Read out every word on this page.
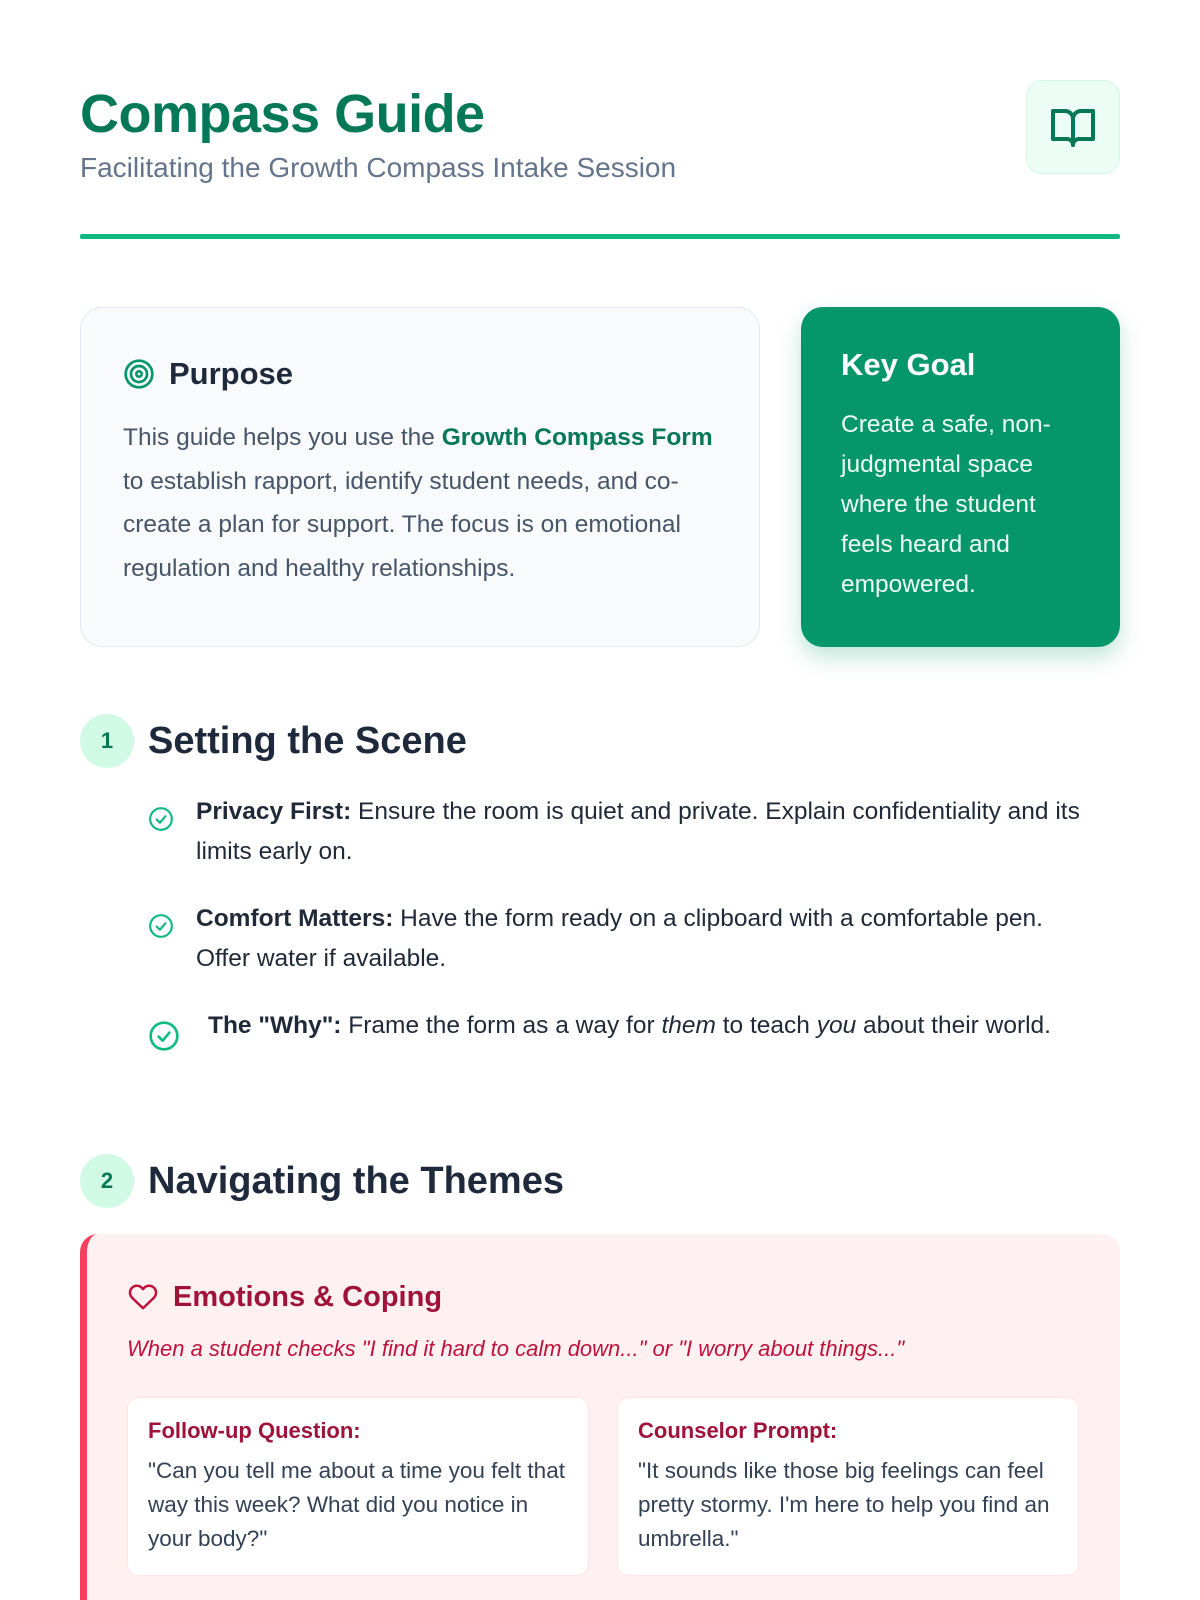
Compass Guide

Facilitating the Growth Compass Intake Session

Purpose

This guide helps you use the Growth Compass Form to establish rapport, identify student needs, and co-create a plan for support. The focus is on emotional regulation and healthy relationships.

Key Goal

Create a safe, non-judgmental space where the student feels heard and empowered.

1 Setting the Scene

Privacy First: Ensure the room is quiet and private. Explain confidentiality and its limits early on.

Comfort Matters: Have the form ready on a clipboard with a comfortable pen. Offer water if available.

The "Why": Frame the form as a way for them to teach you about their world.

2 Navigating the Themes
Emotions & Coping

When a student checks "I find it hard to calm down..." or "I worry about things..."

Follow-up Question:

"Can you tell me about a time you felt that way this week? What did you notice in your body?"

Counselor Prompt:

"It sounds like those big feelings can feel pretty stormy. I'm here to help you find an umbrella."
